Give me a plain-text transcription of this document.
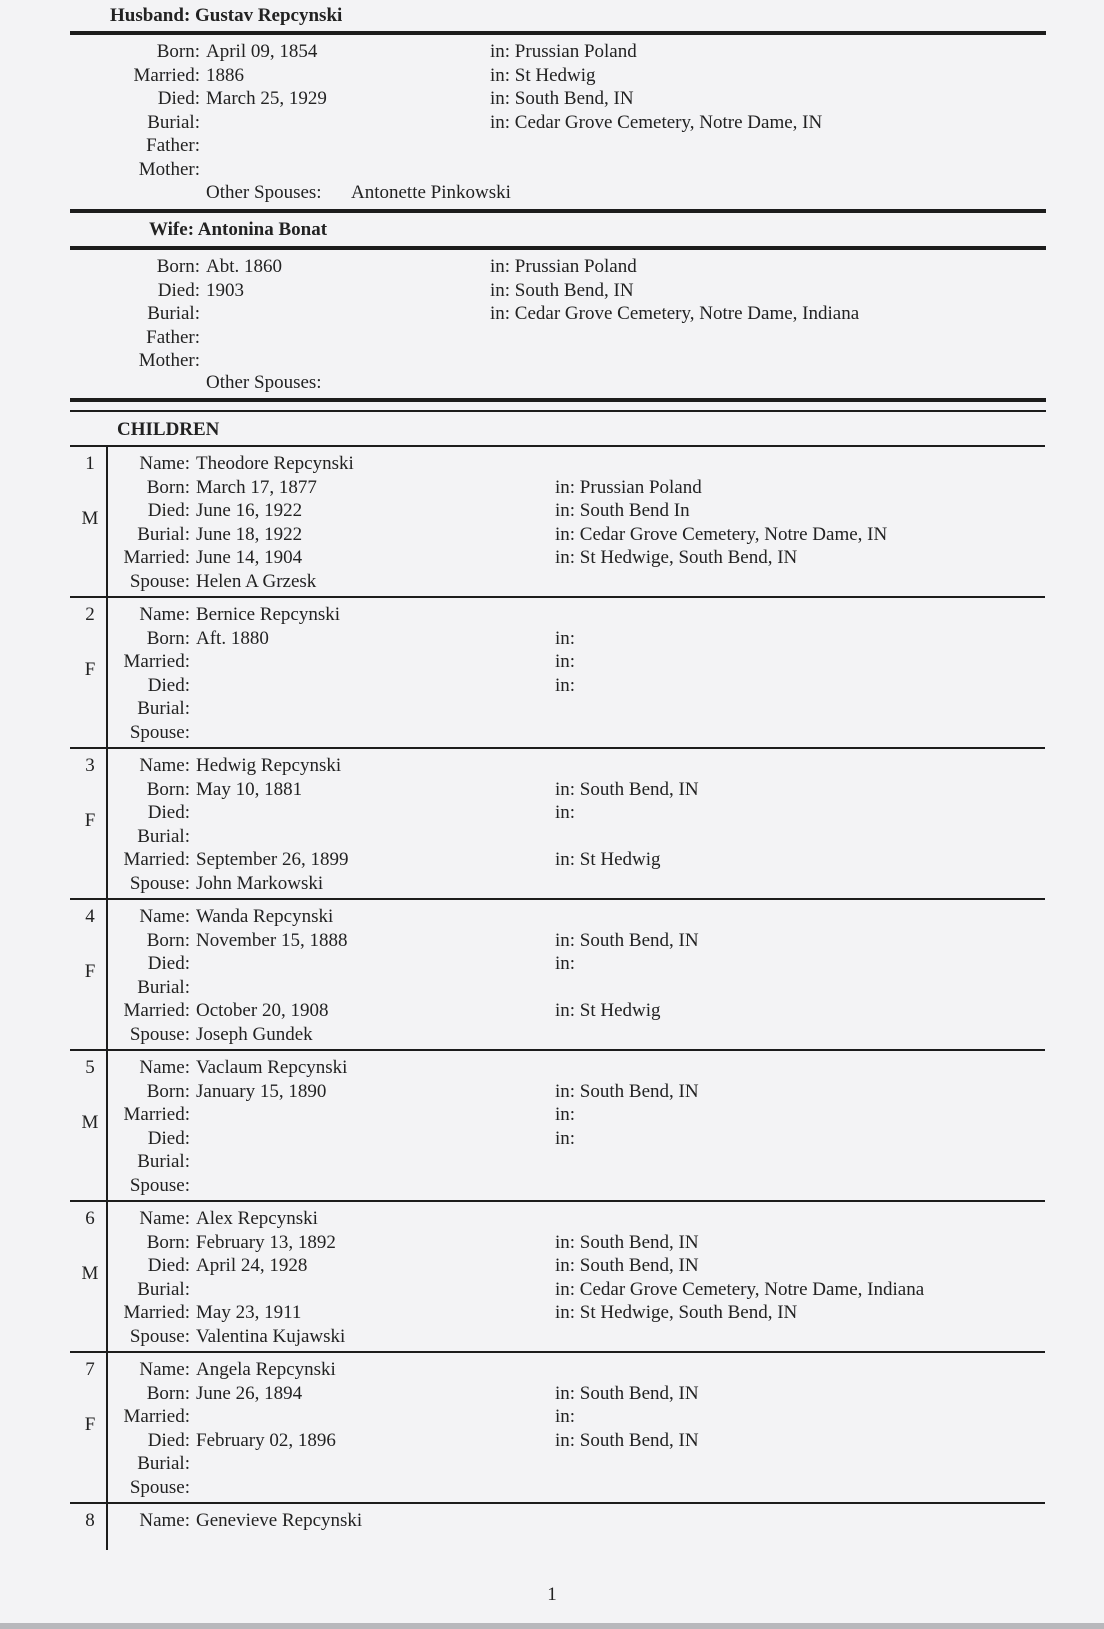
Husband: Gustav Repcynski
Born: April 09, 1854	in: Prussian Poland
Married: 1886	in: St Hedwig
Died: March 25, 1929	in: South Bend, IN
Burial:	in: Cedar Grove Cemetery, Notre Dame, IN
Father:
Mother:
Other Spouses: Antonette Pinkowski
Wife: Antonina Bonat
Born: Abt. 1860	in: Prussian Poland
Died: 1903	in: South Bend, IN
Burial:	in: Cedar Grove Cemetery, Notre Dame, Indiana
Father:
Mother:
Other Spouses:
CHILDREN
1
M
Name: Theodore Repcynski
Born: March 17, 1877	in: Prussian Poland
Died: June 16, 1922	in: South Bend In
Burial: June 18, 1922	in: Cedar Grove Cemetery, Notre Dame, IN
Married: June 14, 1904	in: St Hedwige, South Bend, IN
Spouse: Helen A Grzesk
2
F
Name: Bernice Repcynski
Born: Aft. 1880	in:
Married:	in:
Died:	in:
Burial:
Spouse:
3
F
Name: Hedwig Repcynski
Born: May 10, 1881	in: South Bend, IN
Died:	in:
Burial:
Married: September 26, 1899	in: St Hedwig
Spouse: John Markowski
4
F
Name: Wanda Repcynski
Born: November 15, 1888	in: South Bend, IN
Died:	in:
Burial:
Married: October 20, 1908	in: St Hedwig
Spouse: Joseph Gundek
5
M
Name: Vaclaum Repcynski
Born: January 15, 1890	in: South Bend, IN
Married:	in:
Died:	in:
Burial:
Spouse:
6
M
Name: Alex Repcynski
Born: February 13, 1892	in: South Bend, IN
Died: April 24, 1928	in: South Bend, IN
Burial:	in: Cedar Grove Cemetery, Notre Dame, Indiana
Married: May 23, 1911	in: St Hedwige, South Bend, IN
Spouse: Valentina Kujawski
7
F
Name: Angela Repcynski
Born: June 26, 1894	in: South Bend, IN
Married:	in:
Died: February 02, 1896	in: South Bend, IN
Burial:
Spouse:
8	Name: Genevieve Repcynski
1
